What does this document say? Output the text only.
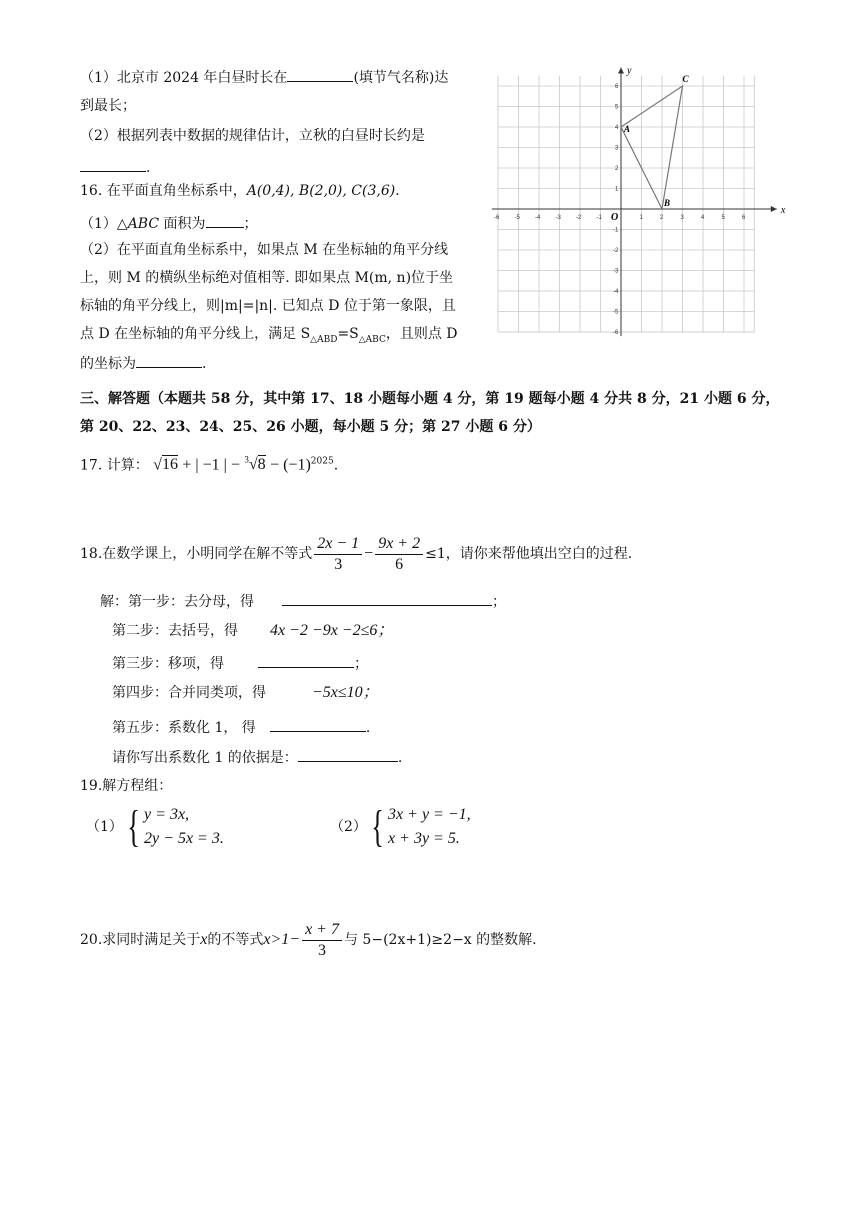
（1）北京市 2024 年白昼时长在	(填节气名称)达
到最长；
（2）根据列表中数据的规律估计，立秋的白昼时长约是
.
16. 在平面直角坐标系中，A(0,4), B(2,0), C(3,6).
（1）△ABC 面积为	；
（2）在平面直角坐标系中，如果点 M 在坐标轴的角平分线
上，则 M 的横纵坐标绝对值相等. 即如果点 M(m, n)位于坐
标轴的角平分线上，则|m|=|n|. 已知点 D 位于第一象限，且
点 D 在坐标轴的角平分线上，满足 $S_{\triangle ABD}=S_{\triangle ABC}$，且则点 D
的坐标为	.
x
y
O
-6	-5	-4	-3	-2	-1	1	2	3	4	5	6
6
5
4
3
2
1
-1
-2
-3
-4
-5
-6
A
B
C
三、解答题（本题共 58 分，其中第 17、18 小题每小题 4 分，第 19 题每小题 4 分共 8 分，21 小题 6 分，
第 20、22、23、24、25、26 小题，每小题 5 分；第 27 小题 6 分）
17. 计算： √16 + | −1 | − $^3√8 - (-1)^{2025}$.
18.在数学课上，小明同学在解不等式 $\frac{2x - 1}{3} - \frac{9x + 2}{6} \le 1$，请你来帮他填出空白的过程.
解：第一步：去分母，得	；
第二步：去括号，得 4x −2 −9x −2≤6；
第三步：移项，得	；
第四步：合并同类项，得	−5x≤10；
第五步：系数化 1， 得	.
请你写出系数化 1 的依据是：	.
19.解方程组：
（1）{ y = 3x,
2y − 5x = 3.
（2）{ 3x + y = −1,
x + 3y = 5.
20.求同时满足关于x的不等式$x>1- \frac{x + 7}{3}$ 与 5−(2x+1)≥2−x 的整数解.
